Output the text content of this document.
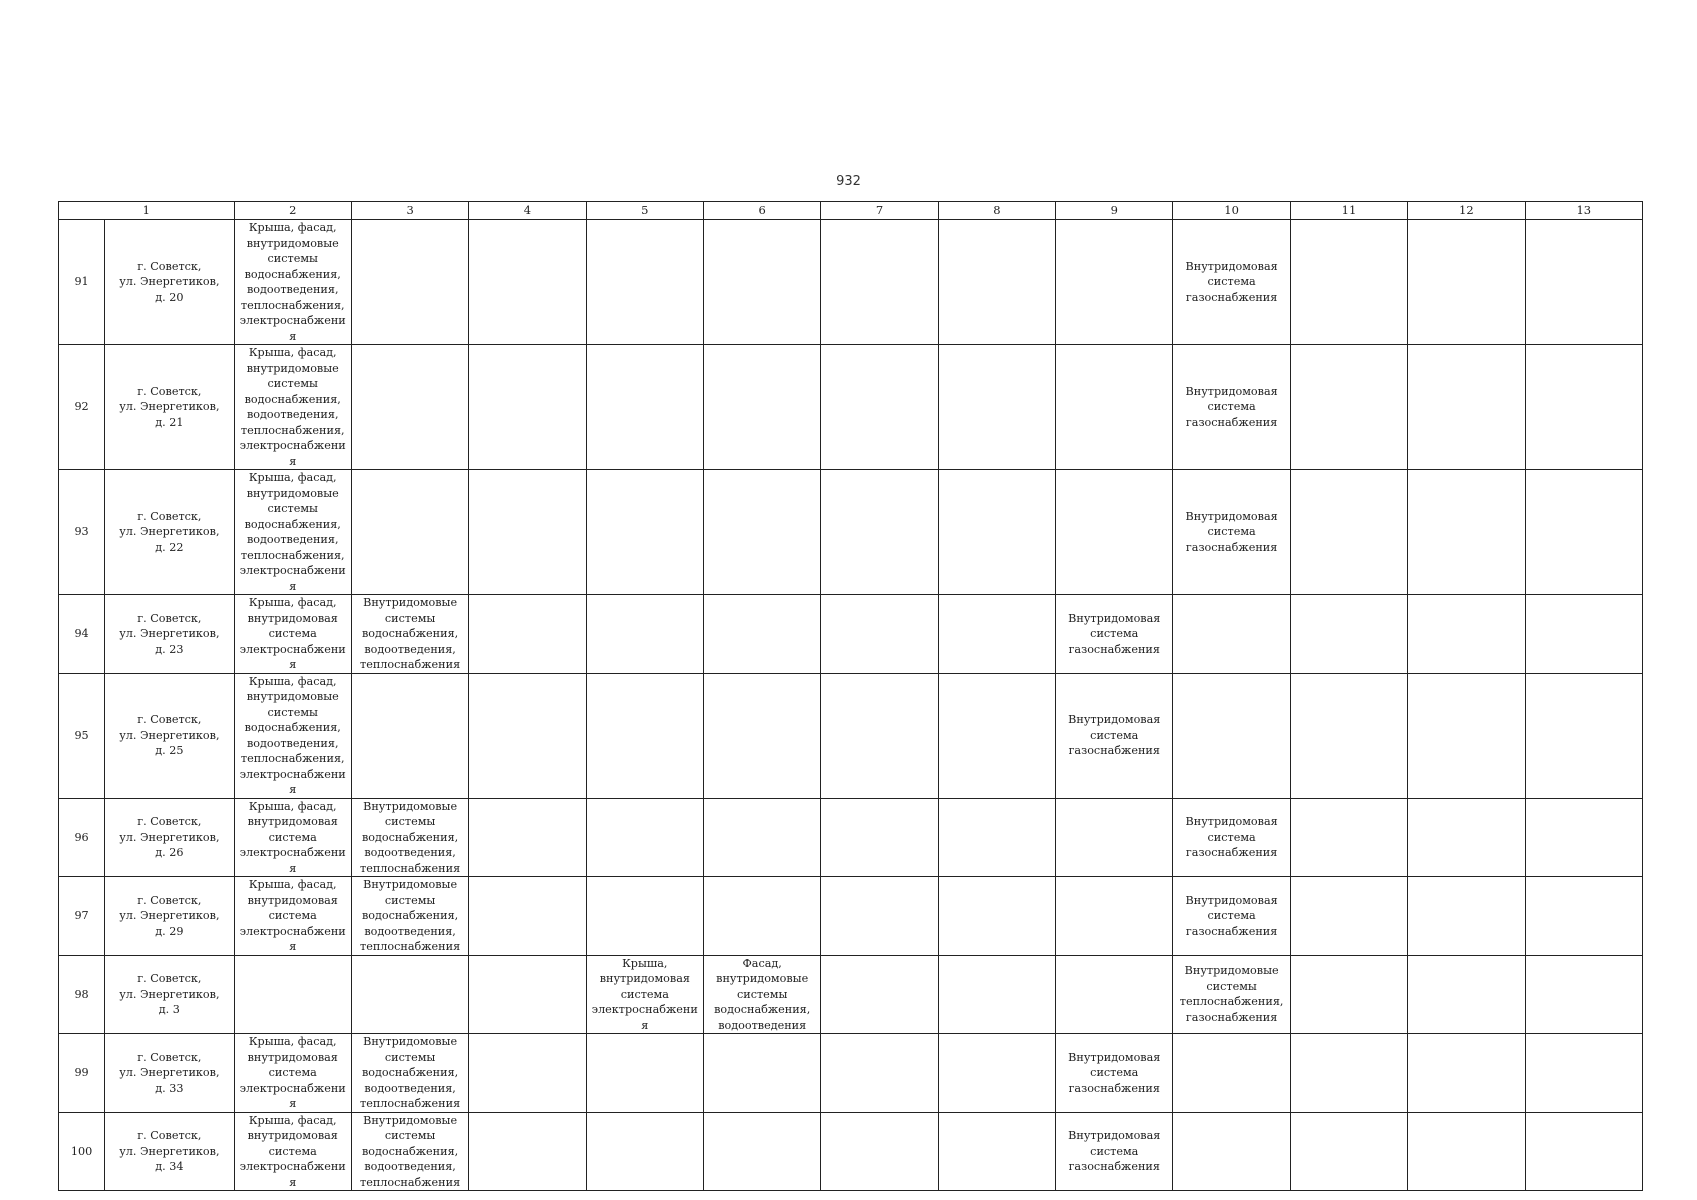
932
1		2	3	4	5	6	7	8	9	10	11	12	13
91	г. Советск,
ул. Энергетиков,
д. 20	Крыша, фасад, внутридомовые системы водоснабжения, водоотведения, теплоснабжения, электроснабжения								Внутридомовая система газоснабжения			

92	г. Советск,
ул. Энергетиков,
д. 21	Крыша, фасад, внутридомовые системы водоснабжения, водоотведения, теплоснабжения, электроснабжения								Внутридомовая система газоснабжения			

93	г. Советск,
ул. Энергетиков,
д. 22	Крыша, фасад, внутридомовые системы водоснабжения, водоотведения, теплоснабжения, электроснабжения								Внутридомовая система газоснабжения			

94	г. Советск,
ул. Энергетиков,
д. 23	Крыша, фасад, внутридомовая система электроснабжения	Внутридомовые системы водоснабжения, водоотведения, теплоснабжения						Внутридомовая система газоснабжения				

95	г. Советск,
ул. Энергетиков,
д. 25	Крыша, фасад, внутридомовые системы водоснабжения, водоотведения, теплоснабжения, электроснабжения							Внутридомовая система газоснабжения				

96	г. Советск,
ул. Энергетиков,
д. 26	Крыша, фасад, внутридомовая система электроснабжения	Внутридомовые системы водоснабжения, водоотведения, теплоснабжения							Внутридомовая система газоснабжения			

97	г. Советск,
ул. Энергетиков,
д. 29	Крыша, фасад, внутридомовая система электроснабжения	Внутридомовые системы водоснабжения, водоотведения, теплоснабжения							Внутридомовая система газоснабжения			

98	г. Советск,
ул. Энергетиков,
д. 3				Крыша, внутридомовая система электроснабжения	Фасад, внутридомовые системы водоснабжения, водоотведения				Внутридомовые системы теплоснабжения, газоснабжения			

99	г. Советск,
ул. Энергетиков,
д. 33	Крыша, фасад, внутридомовая система электроснабжения	Внутридомовые системы водоснабжения, водоотведения, теплоснабжения						Внутридомовая система газоснабжения				

100	г. Советск,
ул. Энергетиков,
д. 34	Крыша, фасад, внутридомовая система электроснабжения	Внутридомовые системы водоснабжения, водоотведения, теплоснабжения						Внутридомовая система газоснабжения				
